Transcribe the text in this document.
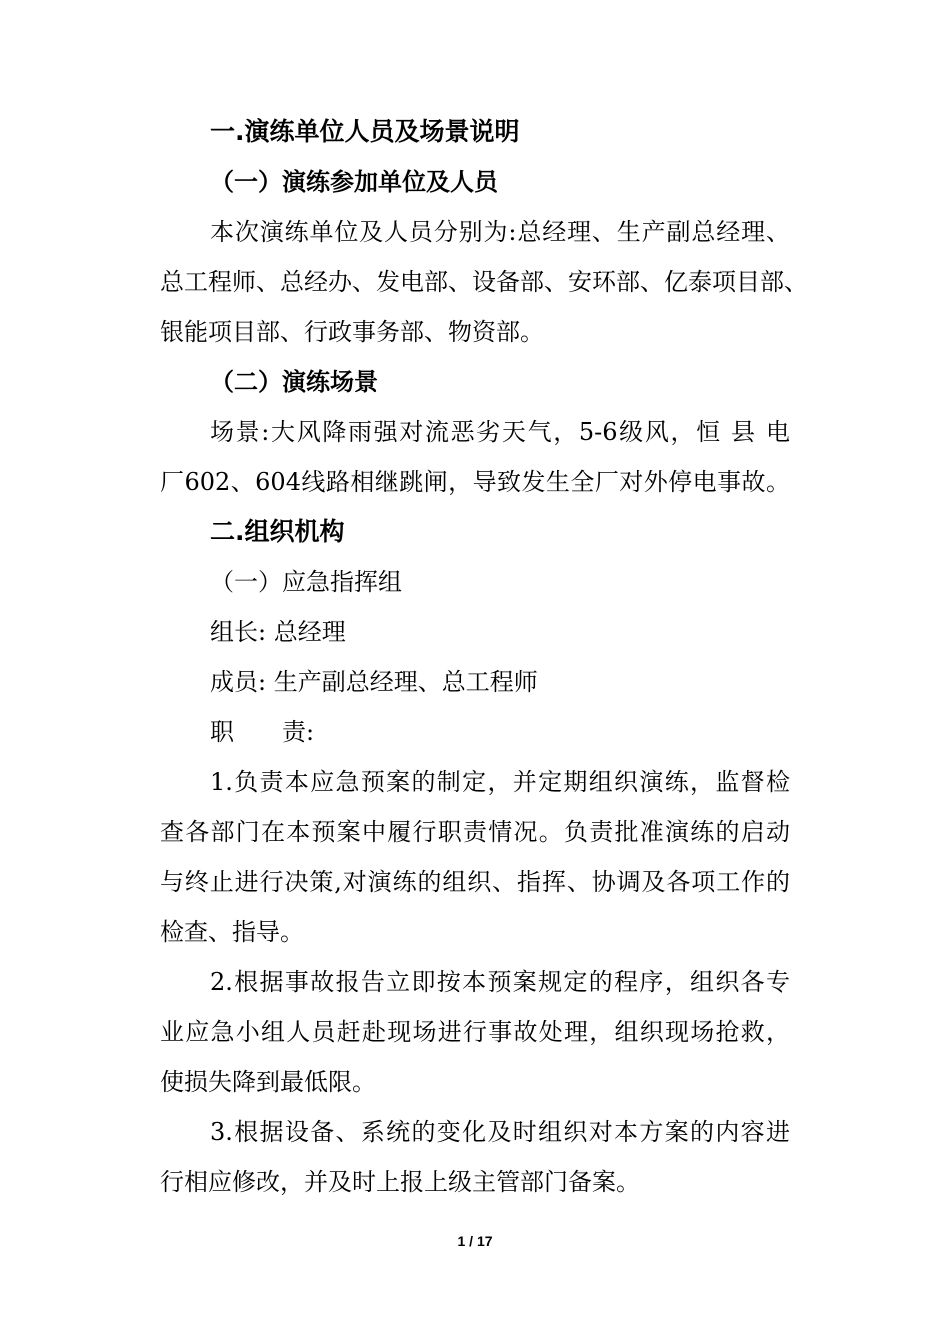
一.演练单位人员及场景说明
（一）演练参加单位及人员
本次演练单位及人员分别为:总经理、生产副总经理、
总工程师、总经办、发电部、设备部、安环部、亿泰项目部、
银能项目部、行政事务部、物资部。
（二）演练场景
场景:大风降雨强对流恶劣天气，5-6级风，恒 县 电
厂602、604线路相继跳闸，导致发生全厂对外停电事故。
二.组织机构
（一）应急指挥组
组长: 总经理
成员: 生产副总经理、总工程师
职　　责:
1.负责本应急预案的制定，并定期组织演练，监督检
查各部门在本预案中履行职责情况。负责批准演练的启动
与终止进行决策,对演练的组织、指挥、协调及各项工作的
检查、指导。
2.根据事故报告立即按本预案规定的程序，组织各专
业应急小组人员赶赴现场进行事故处理，组织现场抢救，
使损失降到最低限。
3.根据设备、系统的变化及时组织对本方案的内容进
行相应修改，并及时上报上级主管部门备案。
1 / 17
